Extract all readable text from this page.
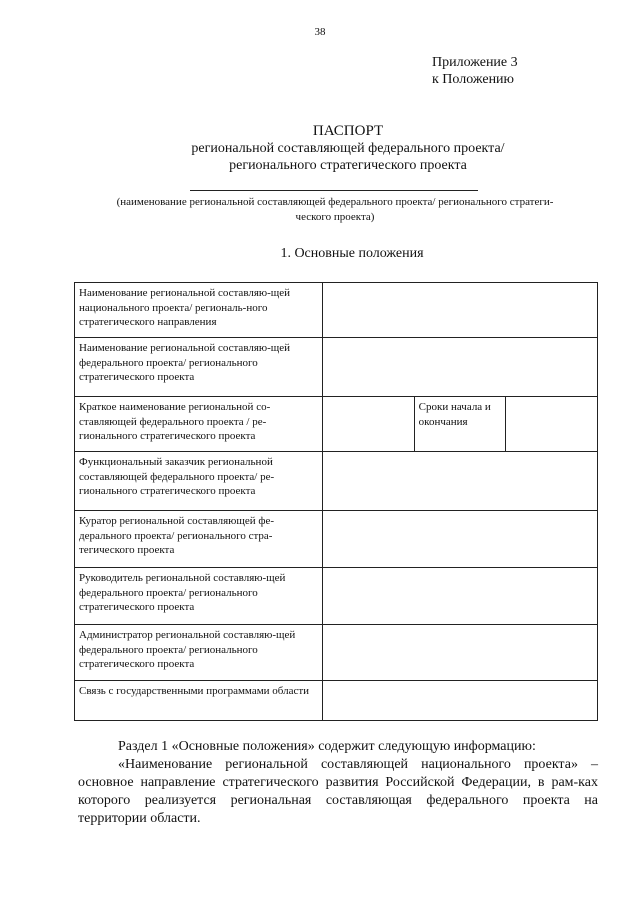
38
Приложение 3
к Положению
ПАСПОРТ
региональной составляющей федерального проекта/
регионального стратегического проекта
(наименование региональной составляющей федерального проекта/ регионального стратеги-
ческого проекта)
1. Основные положения
Наименование региональной составляю-щей национального проекта/ региональ-ного стратегического направления			
Наименование региональной составляю-щей федерального проекта/ регионального стратегического проекта			
Краткое наименование региональной со-ставляющей федерального проекта / ре-гионального стратегического проекта		Сроки начала и окончания	
Функциональный заказчик региональной составляющей федерального проекта/ ре-гионального стратегического проекта			
Куратор региональной составляющей фе-дерального проекта/ регионального стра-тегического проекта			
Руководитель региональной составляю-щей федерального проекта/ регионального стратегического проекта			
Администратор региональной составляю-щей федерального проекта/ регионального стратегического проекта			
Связь с государственными программами области			

Раздел 1 «Основные положения» содержит следующую информацию:

«Наименование региональной составляющей национального проекта» – основное направление стратегического развития Российской Федерации, в рам-ках которого реализуется региональная составляющая федерального проекта на территории области.
